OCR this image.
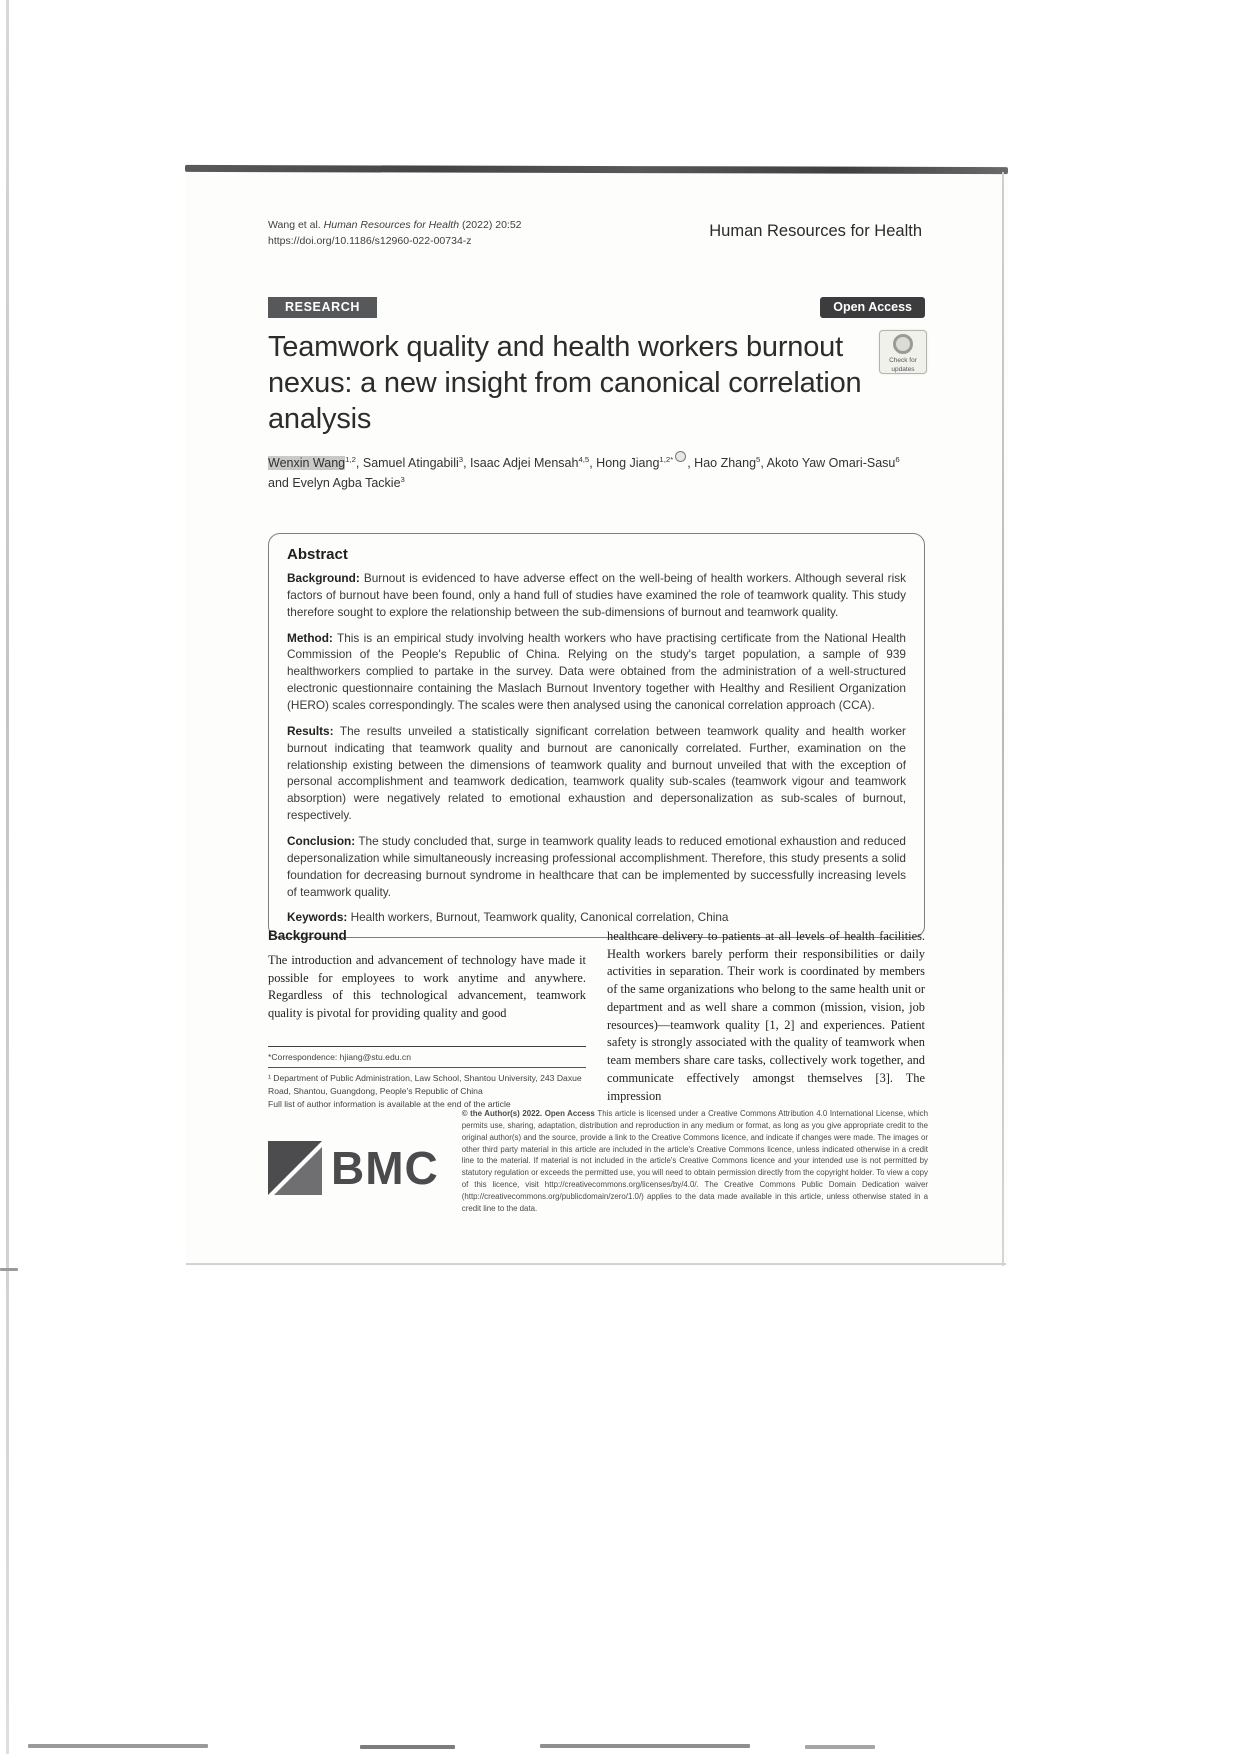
Wang et al. Human Resources for Health (2022) 20:52
https://doi.org/10.1186/s12960-022-00734-z
Human Resources for Health
RESEARCH	Open Access
Teamwork quality and health workers burnout nexus: a new insight from canonical correlation analysis
Check for updates

Wenxin Wang$^{1,2}$, Samuel Atingabili$^3$, Isaac Adjei Mensah$^{4,5}$, Hong Jiang$^{1,2*}$ , Hao Zhang$^5$, Akoto Yaw Omari-Sasu$^6$ and Evelyn Agba Tackie$^3$

Abstract

Background: Burnout is evidenced to have adverse effect on the well-being of health workers. Although several risk factors of burnout have been found, only a hand full of studies have examined the role of teamwork quality. This study therefore sought to explore the relationship between the sub-dimensions of burnout and teamwork quality.

Method: This is an empirical study involving health workers who have practising certificate from the National Health Commission of the People's Republic of China. Relying on the study's target population, a sample of 939 healthworkers complied to partake in the survey. Data were obtained from the administration of a well-structured electronic questionnaire containing the Maslach Burnout Inventory together with Healthy and Resilient Organization (HERO) scales correspondingly. The scales were then analysed using the canonical correlation approach (CCA).

Results: The results unveiled a statistically significant correlation between teamwork quality and health worker burnout indicating that teamwork quality and burnout are canonically correlated. Further, examination on the relationship existing between the dimensions of teamwork quality and burnout unveiled that with the exception of personal accomplishment and teamwork dedication, teamwork quality sub-scales (teamwork vigour and teamwork absorption) were negatively related to emotional exhaustion and depersonalization as sub-scales of burnout, respectively.

Conclusion: The study concluded that, surge in teamwork quality leads to reduced emotional exhaustion and reduced depersonalization while simultaneously increasing professional accomplishment. Therefore, this study presents a solid foundation for decreasing burnout syndrome in healthcare that can be implemented by successfully increasing levels of teamwork quality.

Keywords: Health workers, Burnout, Teamwork quality, Canonical correlation, China

Background

The introduction and advancement of technology have made it possible for employees to work anytime and anywhere. Regardless of this technological advancement, teamwork quality is pivotal for providing quality and good

healthcare delivery to patients at all levels of health facilities. Health workers barely perform their responsibilities or daily activities in separation. Their work is coordinated by members of the same organizations who belong to the same health unit or department and as well share a common (mission, vision, job resources)—teamwork quality [1, 2] and experiences. Patient safety is strongly associated with the quality of teamwork when team members share care tasks, collectively work together, and communicate effectively amongst themselves [3]. The impression

*Correspondence: hjiang@stu.edu.cn

¹ Department of Public Administration, Law School, Shantou University, 243 Daxue Road, Shantou, Guangdong, People's Republic of China

Full list of author information is available at the end of the article

BMC
© the Author(s) 2022. Open Access This article is licensed under a Creative Commons Attribution 4.0 International License, which permits use, sharing, adaptation, distribution and reproduction in any medium or format, as long as you give appropriate credit to the original author(s) and the source, provide a link to the Creative Commons licence, and indicate if changes were made. The images or other third party material in this article are included in the article's Creative Commons licence, unless indicated otherwise in a credit line to the material. If material is not included in the article's Creative Commons licence and your intended use is not permitted by statutory regulation or exceeds the permitted use, you will need to obtain permission directly from the copyright holder. To view a copy of this licence, visit http://creativecommons.org/licenses/by/4.0/. The Creative Commons Public Domain Dedication waiver (http://creativecommons.org/publicdomain/zero/1.0/) applies to the data made available in this article, unless otherwise stated in a credit line to the data.
